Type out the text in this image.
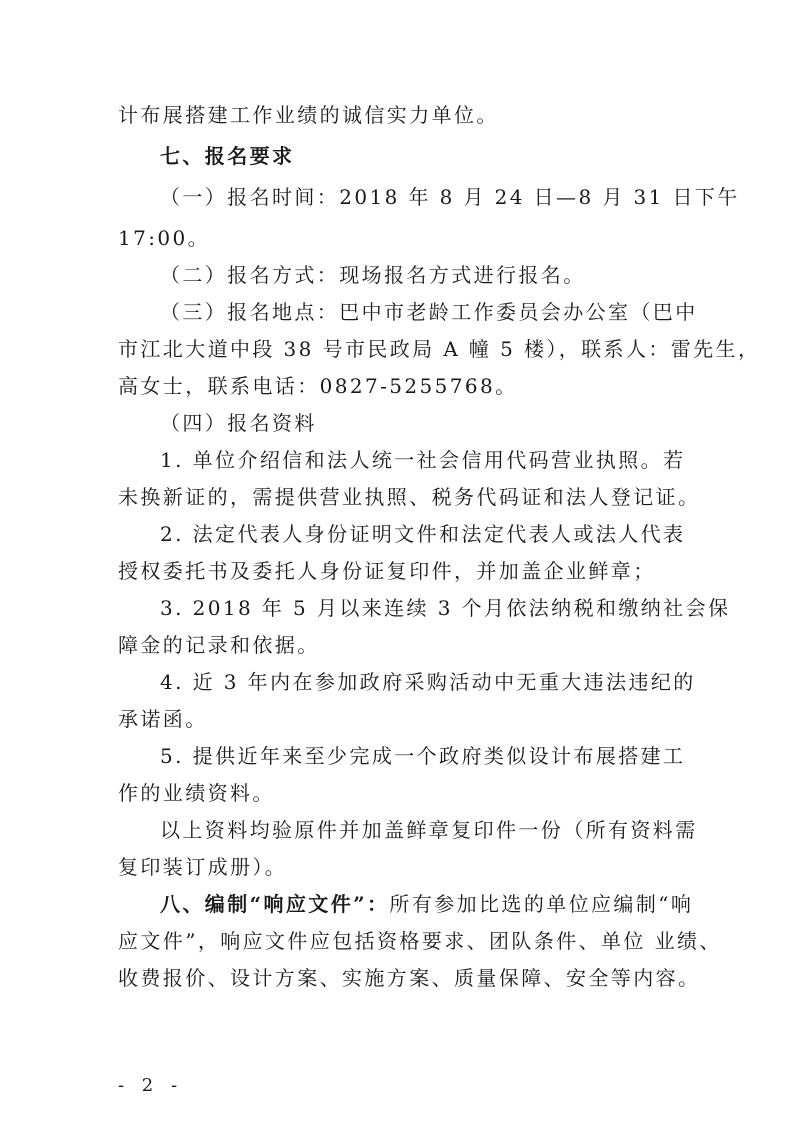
计布展搭建工作业绩的诚信实力单位。
七、报名要求
（一）报名时间：2018 年 8 月 24 日—8 月 31 日下午
17:00。
（二）报名方式：现场报名方式进行报名。
（三）报名地点：巴中市老龄工作委员会办公室（巴中
市江北大道中段 38 号市民政局 A 幢 5 楼），联系人：雷先生，
高女士，联系电话：0827-5255768。
（四）报名资料
1. 单位介绍信和法人统一社会信用代码营业执照。若
未换新证的，需提供营业执照、税务代码证和法人登记证。
2. 法定代表人身份证明文件和法定代表人或法人代表
授权委托书及委托人身份证复印件，并加盖企业鲜章；
3. 2018 年 5 月以来连续 3 个月依法纳税和缴纳社会保
障金的记录和依据。
4. 近 3 年内在参加政府采购活动中无重大违法违纪的
承诺函。
5. 提供近年来至少完成一个政府类似设计布展搭建工
作的业绩资料。
以上资料均验原件并加盖鲜章复印件一份（所有资料需
复印装订成册）。
八、编制“响应文件”：所有参加比选的单位应编制“响
应文件”，响应文件应包括资格要求、团队条件、单位 业绩、
收费报价、设计方案、实施方案、质量保障、安全等内容。
- 2 -
